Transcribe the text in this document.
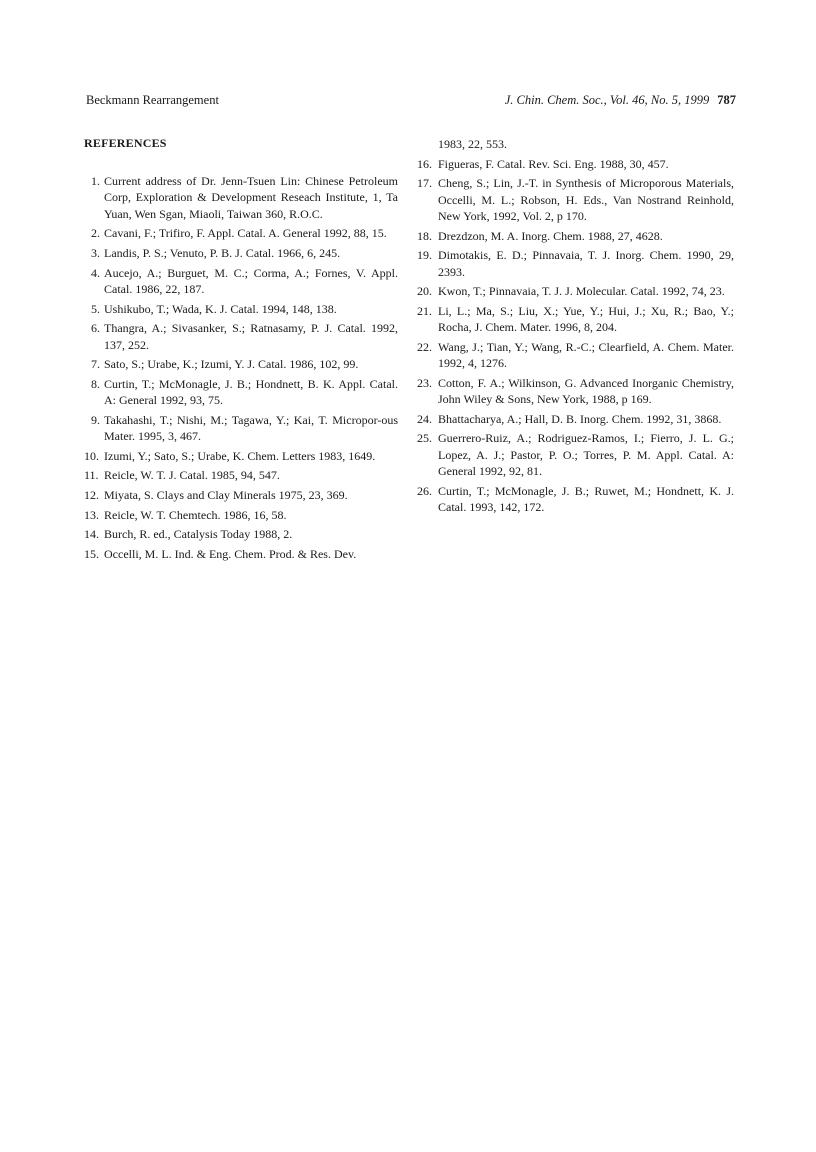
Beckmann Rearrangement	J. Chin. Chem. Soc., Vol. 46, No. 5, 1999 787
REFERENCES
1. Current address of Dr. Jenn-Tsuen Lin: Chinese Petroleum Corp, Exploration & Development Reseach Institute, 1, Ta Yuan, Wen Sgan, Miaoli, Taiwan 360, R.O.C.
2. Cavani, F.; Trifiro, F. Appl. Catal. A. General 1992, 88, 15.
3. Landis, P. S.; Venuto, P. B. J. Catal. 1966, 6, 245.
4. Aucejo, A.; Burguet, M. C.; Corma, A.; Fornes, V. Appl. Catal. 1986, 22, 187.
5. Ushikubo, T.; Wada, K. J. Catal. 1994, 148, 138.
6. Thangra, A.; Sivasanker, S.; Ratnasamy, P. J. Catal. 1992, 137, 252.
7. Sato, S.; Urabe, K.; Izumi, Y. J. Catal. 1986, 102, 99.
8. Curtin, T.; McMonagle, J. B.; Hondnett, B. K. Appl. Catal. A: General 1992, 93, 75.
9. Takahashi, T.; Nishi, M.; Tagawa, Y.; Kai, T. Micropor-ous Mater. 1995, 3, 467.
10. Izumi, Y.; Sato, S.; Urabe, K. Chem. Letters 1983, 1649.
11. Reicle, W. T. J. Catal. 1985, 94, 547.
12. Miyata, S. Clays and Clay Minerals 1975, 23, 369.
13. Reicle, W. T. Chemtech. 1986, 16, 58.
14. Burch, R. ed., Catalysis Today 1988, 2.
15. Occelli, M. L. Ind. & Eng. Chem. Prod. & Res. Dev.
1983, 22, 553.
16. Figueras, F. Catal. Rev. Sci. Eng. 1988, 30, 457.
17. Cheng, S.; Lin, J.-T. in Synthesis of Microporous Materials, Occelli, M. L.; Robson, H. Eds., Van Nostrand Reinhold, New York, 1992, Vol. 2, p 170.
18. Drezdzon, M. A. Inorg. Chem. 1988, 27, 4628.
19. Dimotakis, E. D.; Pinnavaia, T. J. Inorg. Chem. 1990, 29, 2393.
20. Kwon, T.; Pinnavaia, T. J. J. Molecular. Catal. 1992, 74, 23.
21. Li, L.; Ma, S.; Liu, X.; Yue, Y.; Hui, J.; Xu, R.; Bao, Y.; Rocha, J. Chem. Mater. 1996, 8, 204.
22. Wang, J.; Tian, Y.; Wang, R.-C.; Clearfield, A. Chem. Mater. 1992, 4, 1276.
23. Cotton, F. A.; Wilkinson, G. Advanced Inorganic Chemistry, John Wiley & Sons, New York, 1988, p 169.
24. Bhattacharya, A.; Hall, D. B. Inorg. Chem. 1992, 31, 3868.
25. Guerrero-Ruiz, A.; Rodriguez-Ramos, I.; Fierro, J. L. G.; Lopez, A. J.; Pastor, P. O.; Torres, P. M. Appl. Catal. A: General 1992, 92, 81.
26. Curtin, T.; McMonagle, J. B.; Ruwet, M.; Hondnett, K. J. Catal. 1993, 142, 172.
